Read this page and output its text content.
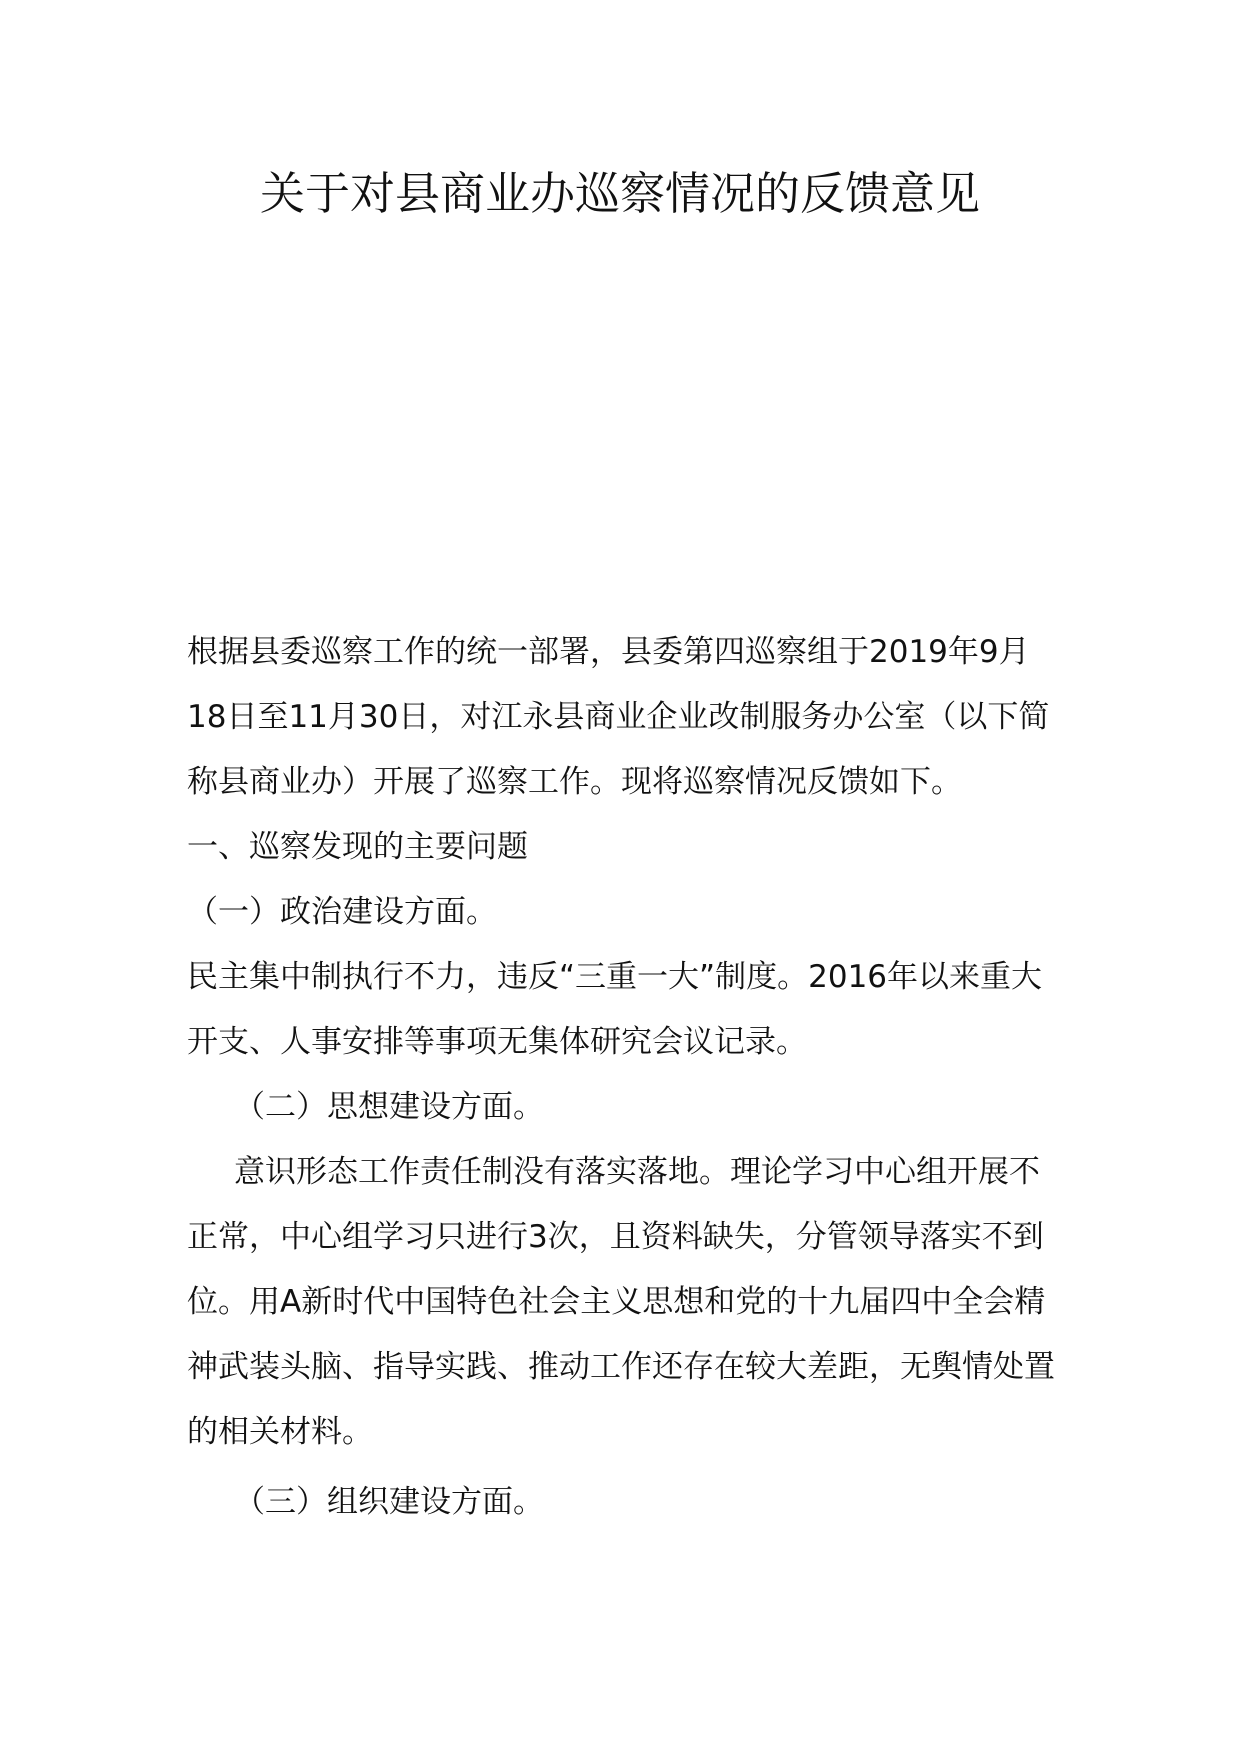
关于对县商业办巡察情况的反馈意见

根据县委巡察工作的统一部署，县委第四巡察组于2019年9月18日至11月30日，对江永县商业企业改制服务办公室（以下简称县商业办）开展了巡察工作。现将巡察情况反馈如下。

一、巡察发现的主要问题

（一）政治建设方面。

民主集中制执行不力，违反“三重一大”制度。2016年以来重大开支、人事安排等事项无集体研究会议记录。

（二）思想建设方面。

意识形态工作责任制没有落实落地。理论学习中心组开展不正常，中心组学习只进行3次，且资料缺失，分管领导落实不到位。用A新时代中国特色社会主义思想和党的十九届四中全会精神武装头脑、指导实践、推动工作还存在较大差距，无舆情处置的相关材料。

（三）组织建设方面。
